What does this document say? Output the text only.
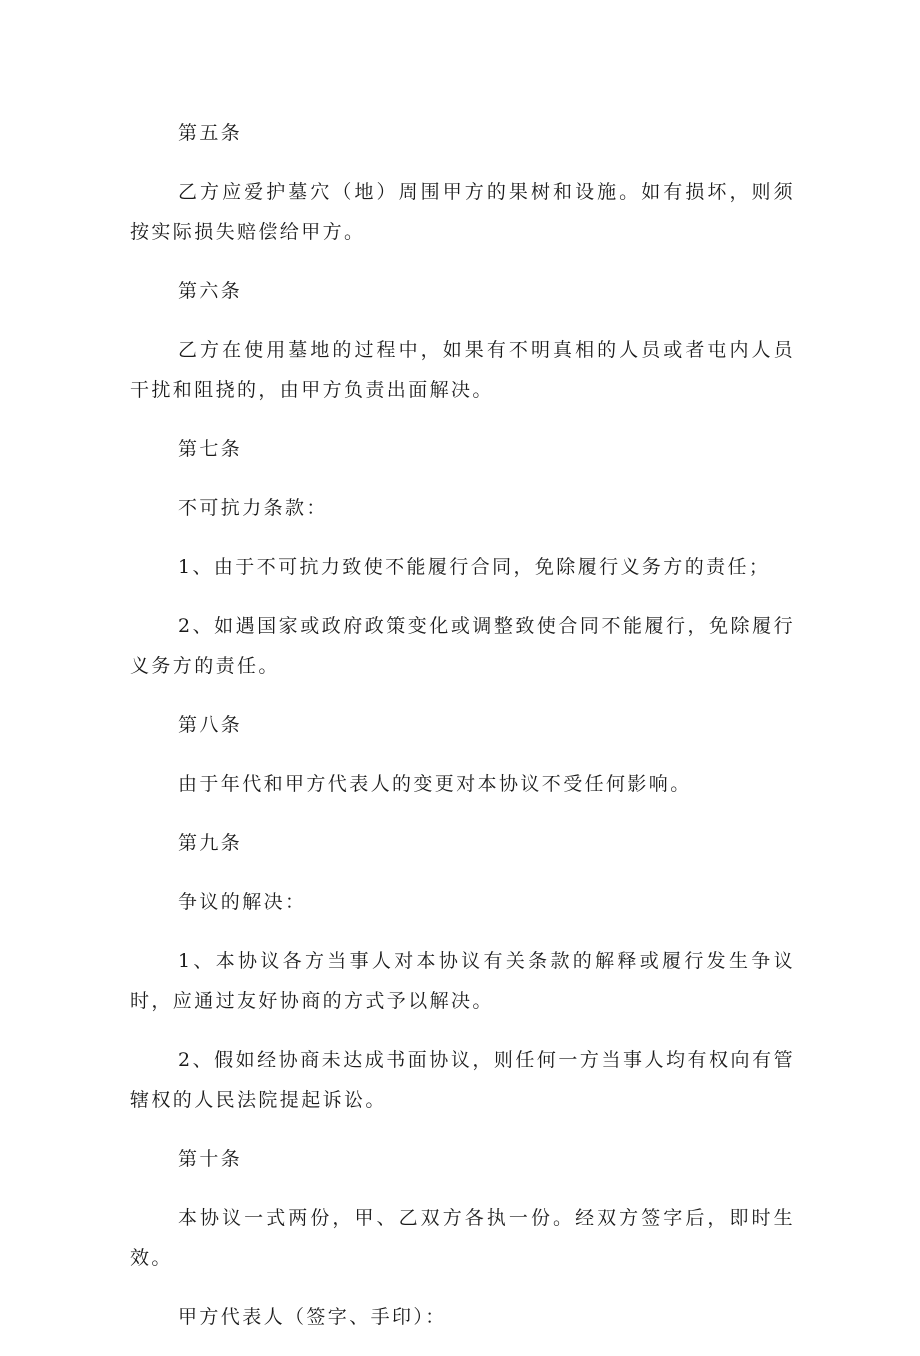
第五条

乙方应爱护墓穴（地）周围甲方的果树和设施。如有损坏，则须按实际损失赔偿给甲方。

第六条

乙方在使用墓地的过程中，如果有不明真相的人员或者屯内人员干扰和阻挠的，由甲方负责出面解决。

第七条

不可抗力条款：

1、由于不可抗力致使不能履行合同，免除履行义务方的责任；

2、如遇国家或政府政策变化或调整致使合同不能履行，免除履行义务方的责任。

第八条

由于年代和甲方代表人的变更对本协议不受任何影响。

第九条

争议的解决：

1、本协议各方当事人对本协议有关条款的解释或履行发生争议时，应通过友好协商的方式予以解决。

2、假如经协商未达成书面协议，则任何一方当事人均有权向有管辖权的人民法院提起诉讼。

第十条

本协议一式两份，甲、乙双方各执一份。经双方签字后，即时生效。

甲方代表人（签字、手印）：
